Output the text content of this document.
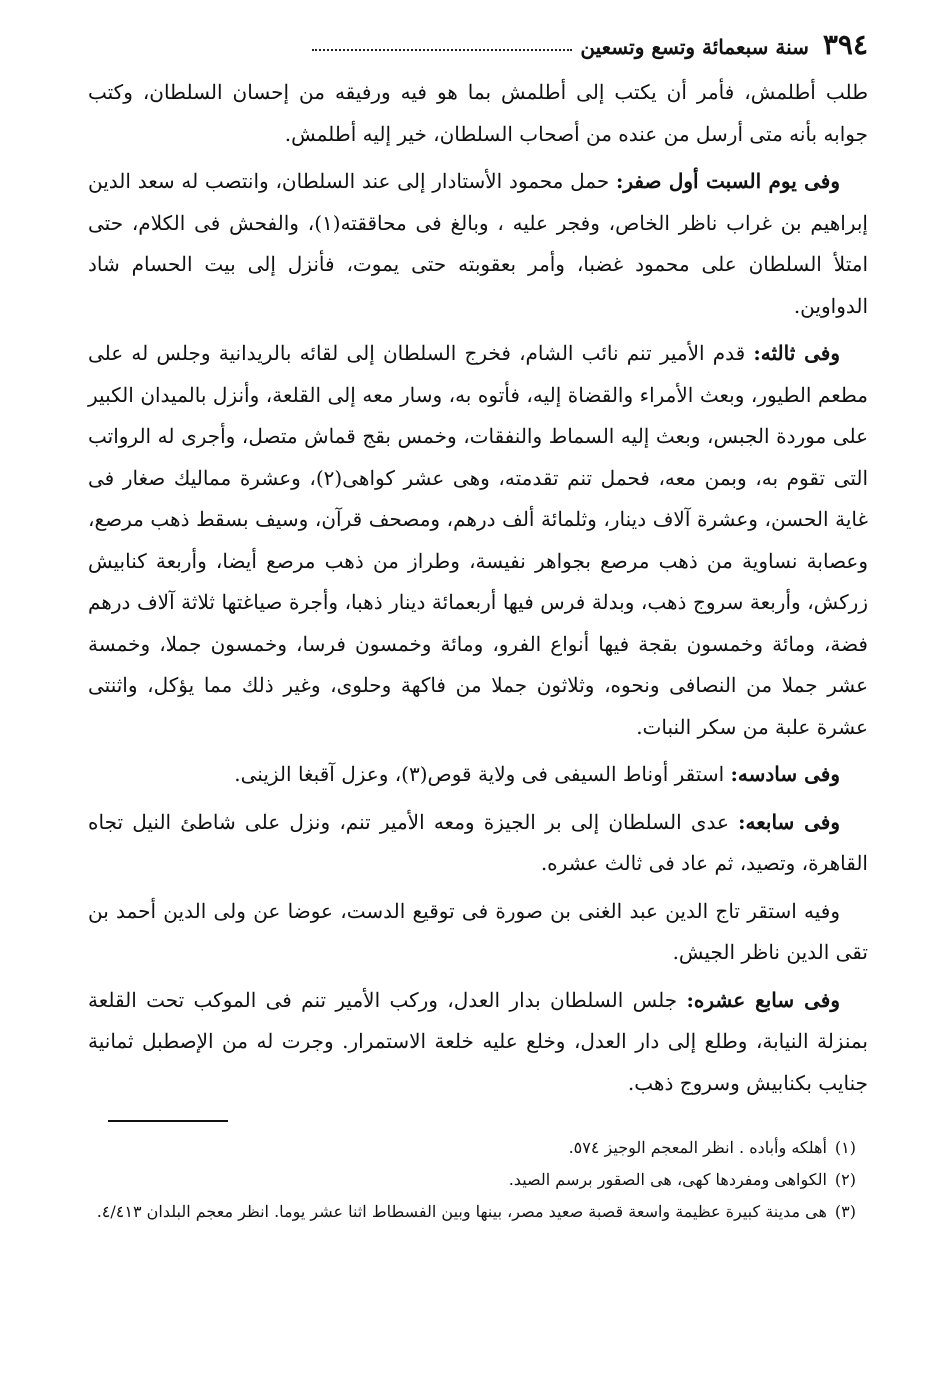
٣٩٤
سنة سبعمائة وتسع وتسعين

طلب أطلمش، فأمر أن يكتب إلى أطلمش بما هو فيه ورفيقه من إحسان السلطان، وكتب جوابه بأنه متى أرسل من عنده من أصحاب السلطان، خير إليه أطلمش.

وفى يوم السبت أول صفر: حمل محمود الأستادار إلى عند السلطان، وانتصب له سعد الدين إبراهيم بن غراب ناظر الخاص، وفجر عليه ، وبالغ فى محاققته(١)، والفحش فى الكلام، حتى امتلأ السلطان على محمود غضبا، وأمر بعقوبته حتى يموت، فأنزل إلى بيت الحسام شاد الدواوين.

وفى ثالثه: قدم الأمير تنم نائب الشام، فخرج السلطان إلى لقائه بالريدانية وجلس له على مطعم الطيور، وبعث الأمراء والقضاة إليه، فأتوه به، وسار معه إلى القلعة، وأنزل بالميدان الكبير على موردة الجبس، وبعث إليه السماط والنفقات، وخمس بقج قماش متصل، وأجرى له الرواتب التى تقوم به، وبمن معه، فحمل تنم تقدمته، وهى عشر كواهى(٢)، وعشرة مماليك صغار فى غاية الحسن، وعشرة آلاف دينار، وثلمائة ألف درهم، ومصحف قرآن، وسيف بسقط ذهب مرصع، وعصابة نساوية من ذهب مرصع بجواهر نفيسة، وطراز من ذهب مرصع أيضا، وأربعة كنابيش زركش، وأربعة سروج ذهب، وبدلة فرس فيها أربعمائة دينار ذهبا، وأجرة صياغتها ثلاثة آلاف درهم فضة، ومائة وخمسون بقجة فيها أنواع الفرو، ومائة وخمسون فرسا، وخمسون جملا، وخمسة عشر جملا من النصافى ونحوه، وثلاثون جملا من فاكهة وحلوى، وغير ذلك مما يؤكل، واثنتى عشرة علبة من سكر النبات.

وفى سادسه: استقر أوناط السيفى فى ولاية قوص(٣)، وعزل آقبغا الزينى.

وفى سابعه: عدى السلطان إلى بر الجيزة ومعه الأمير تنم، ونزل على شاطئ النيل تجاه القاهرة، وتصيد، ثم عاد فى ثالث عشره.

وفيه استقر تاج الدين عبد الغنى بن صورة فى توقيع الدست، عوضا عن ولى الدين أحمد بن تقى الدين ناظر الجيش.

وفى سابع عشره: جلس السلطان بدار العدل، وركب الأمير تنم فى الموكب تحت القلعة بمنزلة النيابة، وطلع إلى دار العدل، وخلع عليه خلعة الاستمرار. وجرت له من الإصطبل ثمانية جنايب بكنابيش وسروج ذهب.

(١)أهلكه وأباده . انظر المعجم الوجيز ٥٧٤.

(٢)الكواهى ومفردها كهى، هى الصقور برسم الصيد.

(٣)هى مدينة كبيرة عظيمة واسعة قصبة صعيد مصر، بينها وبين الفسطاط اثنا عشر يوما. انظر معجم البلدان ٤/٤١٣.
